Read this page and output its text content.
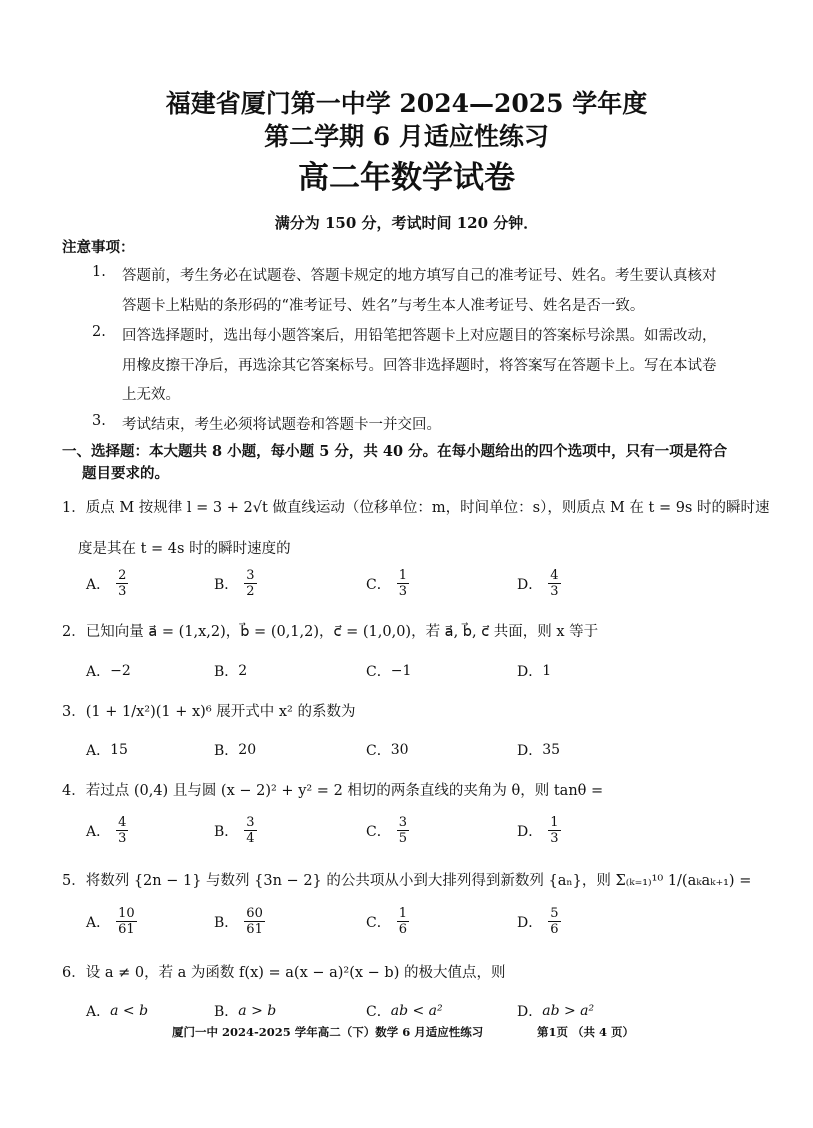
福建省厦门第一中学 2024—2025 学年度
第二学期 6 月适应性练习
高二年数学试卷
满分为 150 分，考试时间 120 分钟．
注意事项：
1. 答题前，考生务必在试题卷、答题卡规定的地方填写自己的准考证号、姓名。考生要认真核对
答题卡上粘贴的条形码的“准考证号、姓名”与考生本人准考证号、姓名是否一致。
2. 回答选择题时，选出每小题答案后，用铅笔把答题卡上对应题目的答案标号涂黑。如需改动，
用橡皮擦干净后，再选涂其它答案标号。回答非选择题时，将答案写在答题卡上。写在本试卷
上无效。
3. 考试结束，考生必须将试题卷和答题卡一并交回。
一、选择题：本大题共 8 小题，每小题 5 分，共 40 分。在每小题给出的四个选项中，只有一项是符合
题目要求的。
1．质点 M 按规律 l = 3 + 2√t 做直线运动（位移单位：m，时间单位：s），则质点 M 在 t = 9s 时的瞬时速
度是其在 t = 4s 时的瞬时速度的
A． $\frac{2}{3}$	B． $\frac{3}{2}$	C． $\frac{1}{3}$	D． $\frac{4}{3}$
2．已知向量 a⃗ = (1,x,2)，b⃗ = (0,1,2)，c⃗ = (1,0,0)，若 a⃗, b⃗, c⃗ 共面，则 x 等于
A． −2	B． 2	C． −1	D． 1
3．(1 + 1/x²)(1 + x)⁶ 展开式中 x² 的系数为
A． 15	B． 20	C． 30	D． 35
4．若过点 (0,4) 且与圆 (x − 2)² + y² = 2 相切的两条直线的夹角为 θ，则 tanθ =
A． $\frac{4}{3}$	B． $\frac{3}{4}$	C． $\frac{3}{5}$	D． $\frac{1}{3}$
5．将数列 {2n − 1} 与数列 {3n − 2} 的公共项从小到大排列得到新数列 {aₙ}，则 Σ₍ₖ₌₁₎¹⁰ 1/(aₖaₖ₊₁) =
A． $\frac{10}{61}$	B． $\frac{60}{61}$	C． $\frac{1}{6}$	D． $\frac{5}{6}$
6．设 a ≠ 0，若 a 为函数 f(x) = a(x − a)²(x − b) 的极大值点，则
A． a < b	B． a > b	C． ab < a²	D． ab > a²
厦门一中 2024-2025 学年高二（下）数学 6 月适应性练习	第1页 （共 4 页）
